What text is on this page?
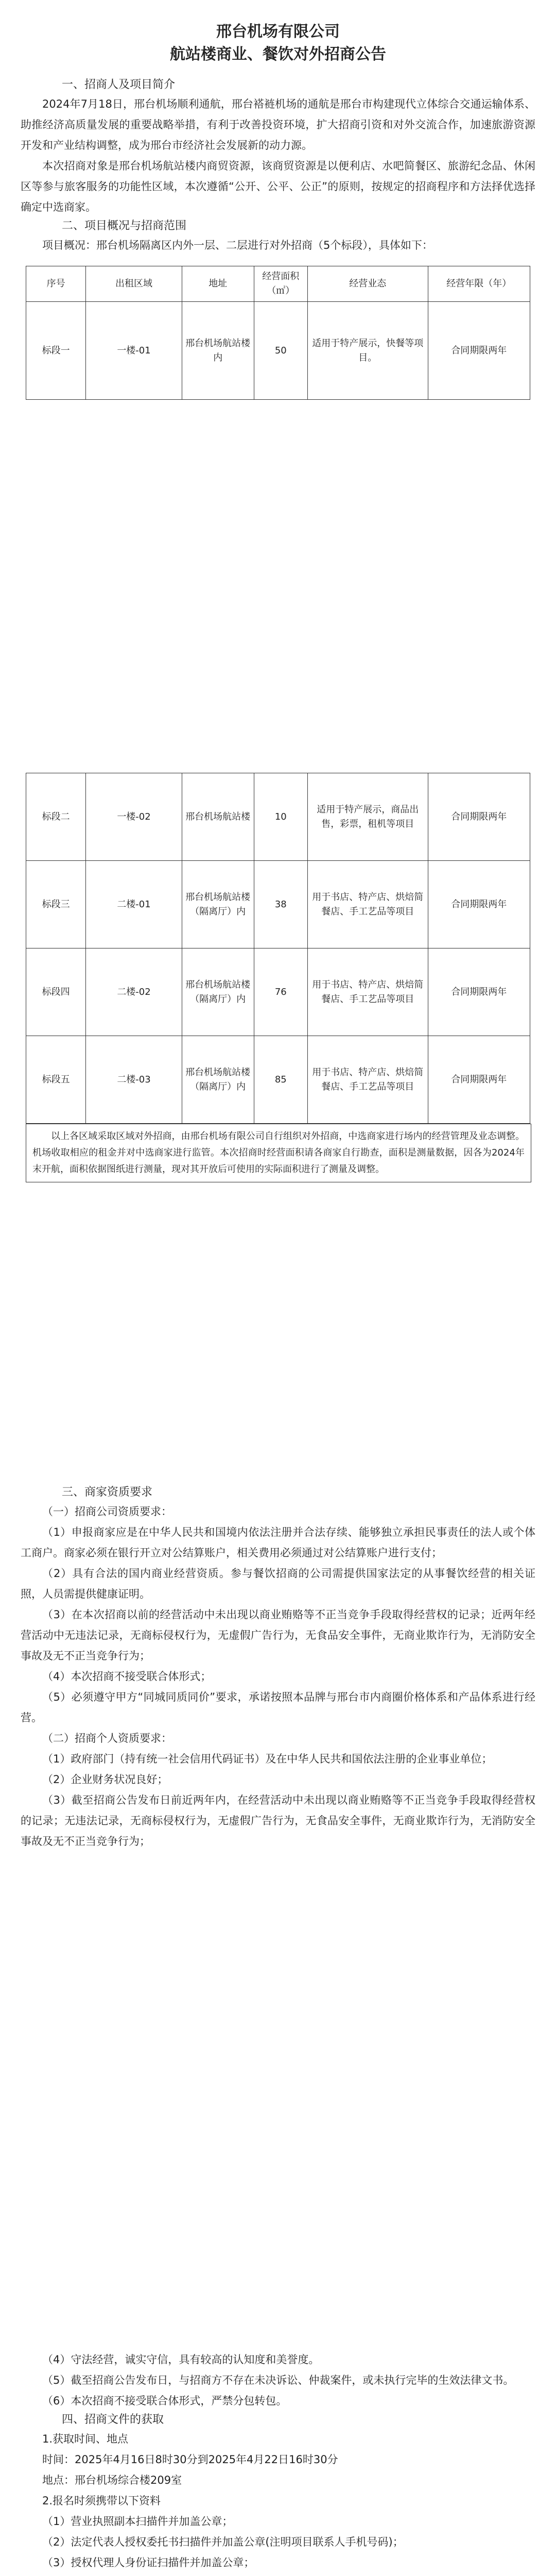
邢台机场有限公司

航站楼商业、餐饮对外招商公告

一、招商人及项目简介

2024年7月18日，邢台机场顺利通航，邢台褡裢机场的通航是邢台市构建现代立体综合交通运输体系、助推经济高质量发展的重要战略举措，有利于改善投资环境，扩大招商引资和对外交流合作，加速旅游资源开发和产业结构调整，成为邢台市经济社会发展新的动力源。

本次招商对象是邢台机场航站楼内商贸资源，该商贸资源是以便利店、水吧简餐区、旅游纪念品、休闲区等参与旅客服务的功能性区域，本次遵循“公开、公平、公正”的原则，按规定的招商程序和方法择优选择确定中选商家。

二、项目概况与招商范围

项目概况：邢台机场隔离区内外一层、二层进行对外招商（5个标段），具体如下：

序号	出租区域	地址	经营面积（㎡）	经营业态	经营年限（年）
标段一	一楼-01	邢台机场航站楼内	50	适用于特产展示，快餐等项目。	合同期限两年
标段二	一楼-02	邢台机场航站楼	10	适用于特产展示，商品出售，彩票，租机等项目	合同期限两年
标段三	二楼-01	邢台机场航站楼（隔离厅）内	38	用于书店、特产店、烘焙简餐店、手工艺品等项目	合同期限两年
标段四	二楼-02	邢台机场航站楼（隔离厅）内	76	用于书店、特产店、烘焙简餐店、手工艺品等项目	合同期限两年
标段五	二楼-03	邢台机场航站楼（隔离厅）内	85	用于书店、特产店、烘焙简餐店、手工艺品等项目	合同期限两年
以上各区域采取区域对外招商，由邢台机场有限公司自行组织对外招商，中选商家进行场内的经营管理及业态调整。机场收取相应的租金并对中选商家进行监管。本次招商时经营面积请各商家自行勘查，面积是测量数据，因各为2024年末开航，面积依据图纸进行测量，现对其开放后可使用的实际面积进行了测量及调整。

三、商家资质要求

（一）招商公司资质要求：

（1）申报商家应是在中华人民共和国境内依法注册并合法存续、能够独立承担民事责任的法人或个体工商户。商家必须在银行开立对公结算账户，相关费用必须通过对公结算账户进行支付；

（2）具有合法的国内商业经营资质。参与餐饮招商的公司需提供国家法定的从事餐饮经营的相关证照，人员需提供健康证明。

（3）在本次招商以前的经营活动中未出现以商业贿赂等不正当竞争手段取得经营权的记录；近两年经营活动中无违法记录，无商标侵权行为，无虚假广告行为，无食品安全事件，无商业欺诈行为，无消防安全事故及无不正当竞争行为；

（4）本次招商不接受联合体形式；

（5）必须遵守甲方“同城同质同价”要求，承诺按照本品牌与邢台市内商圈价格体系和产品体系进行经营。

（二）招商个人资质要求：

（1）政府部门（持有统一社会信用代码证书）及在中华人民共和国依法注册的企业事业单位；

（2）企业财务状况良好；

（3）截至招商公告发布日前近两年内，在经营活动中未出现以商业贿赂等不正当竞争手段取得经营权的记录；无违法记录，无商标侵权行为，无虚假广告行为，无食品安全事件，无商业欺诈行为，无消防安全事故及无不正当竞争行为；

（4）守法经营，诚实守信，具有较高的认知度和美誉度。

（5）截至招商公告发布日，与招商方不存在未决诉讼、仲裁案件，或未执行完毕的生效法律文书。

（6）本次招商不接受联合体形式，严禁分包转包。

四、招商文件的获取

1.获取时间、地点

时间：2025年4月16日8时30分到2025年4月22日16时30分

地点：邢台机场综合楼209室

2.报名时须携带以下资料

（1）营业执照副本扫描件并加盖公章；

（2）法定代表人授权委托书扫描件并加盖公章(注明项目联系人手机号码)；

（3）授权代理人身份证扫描件并加盖公章；
